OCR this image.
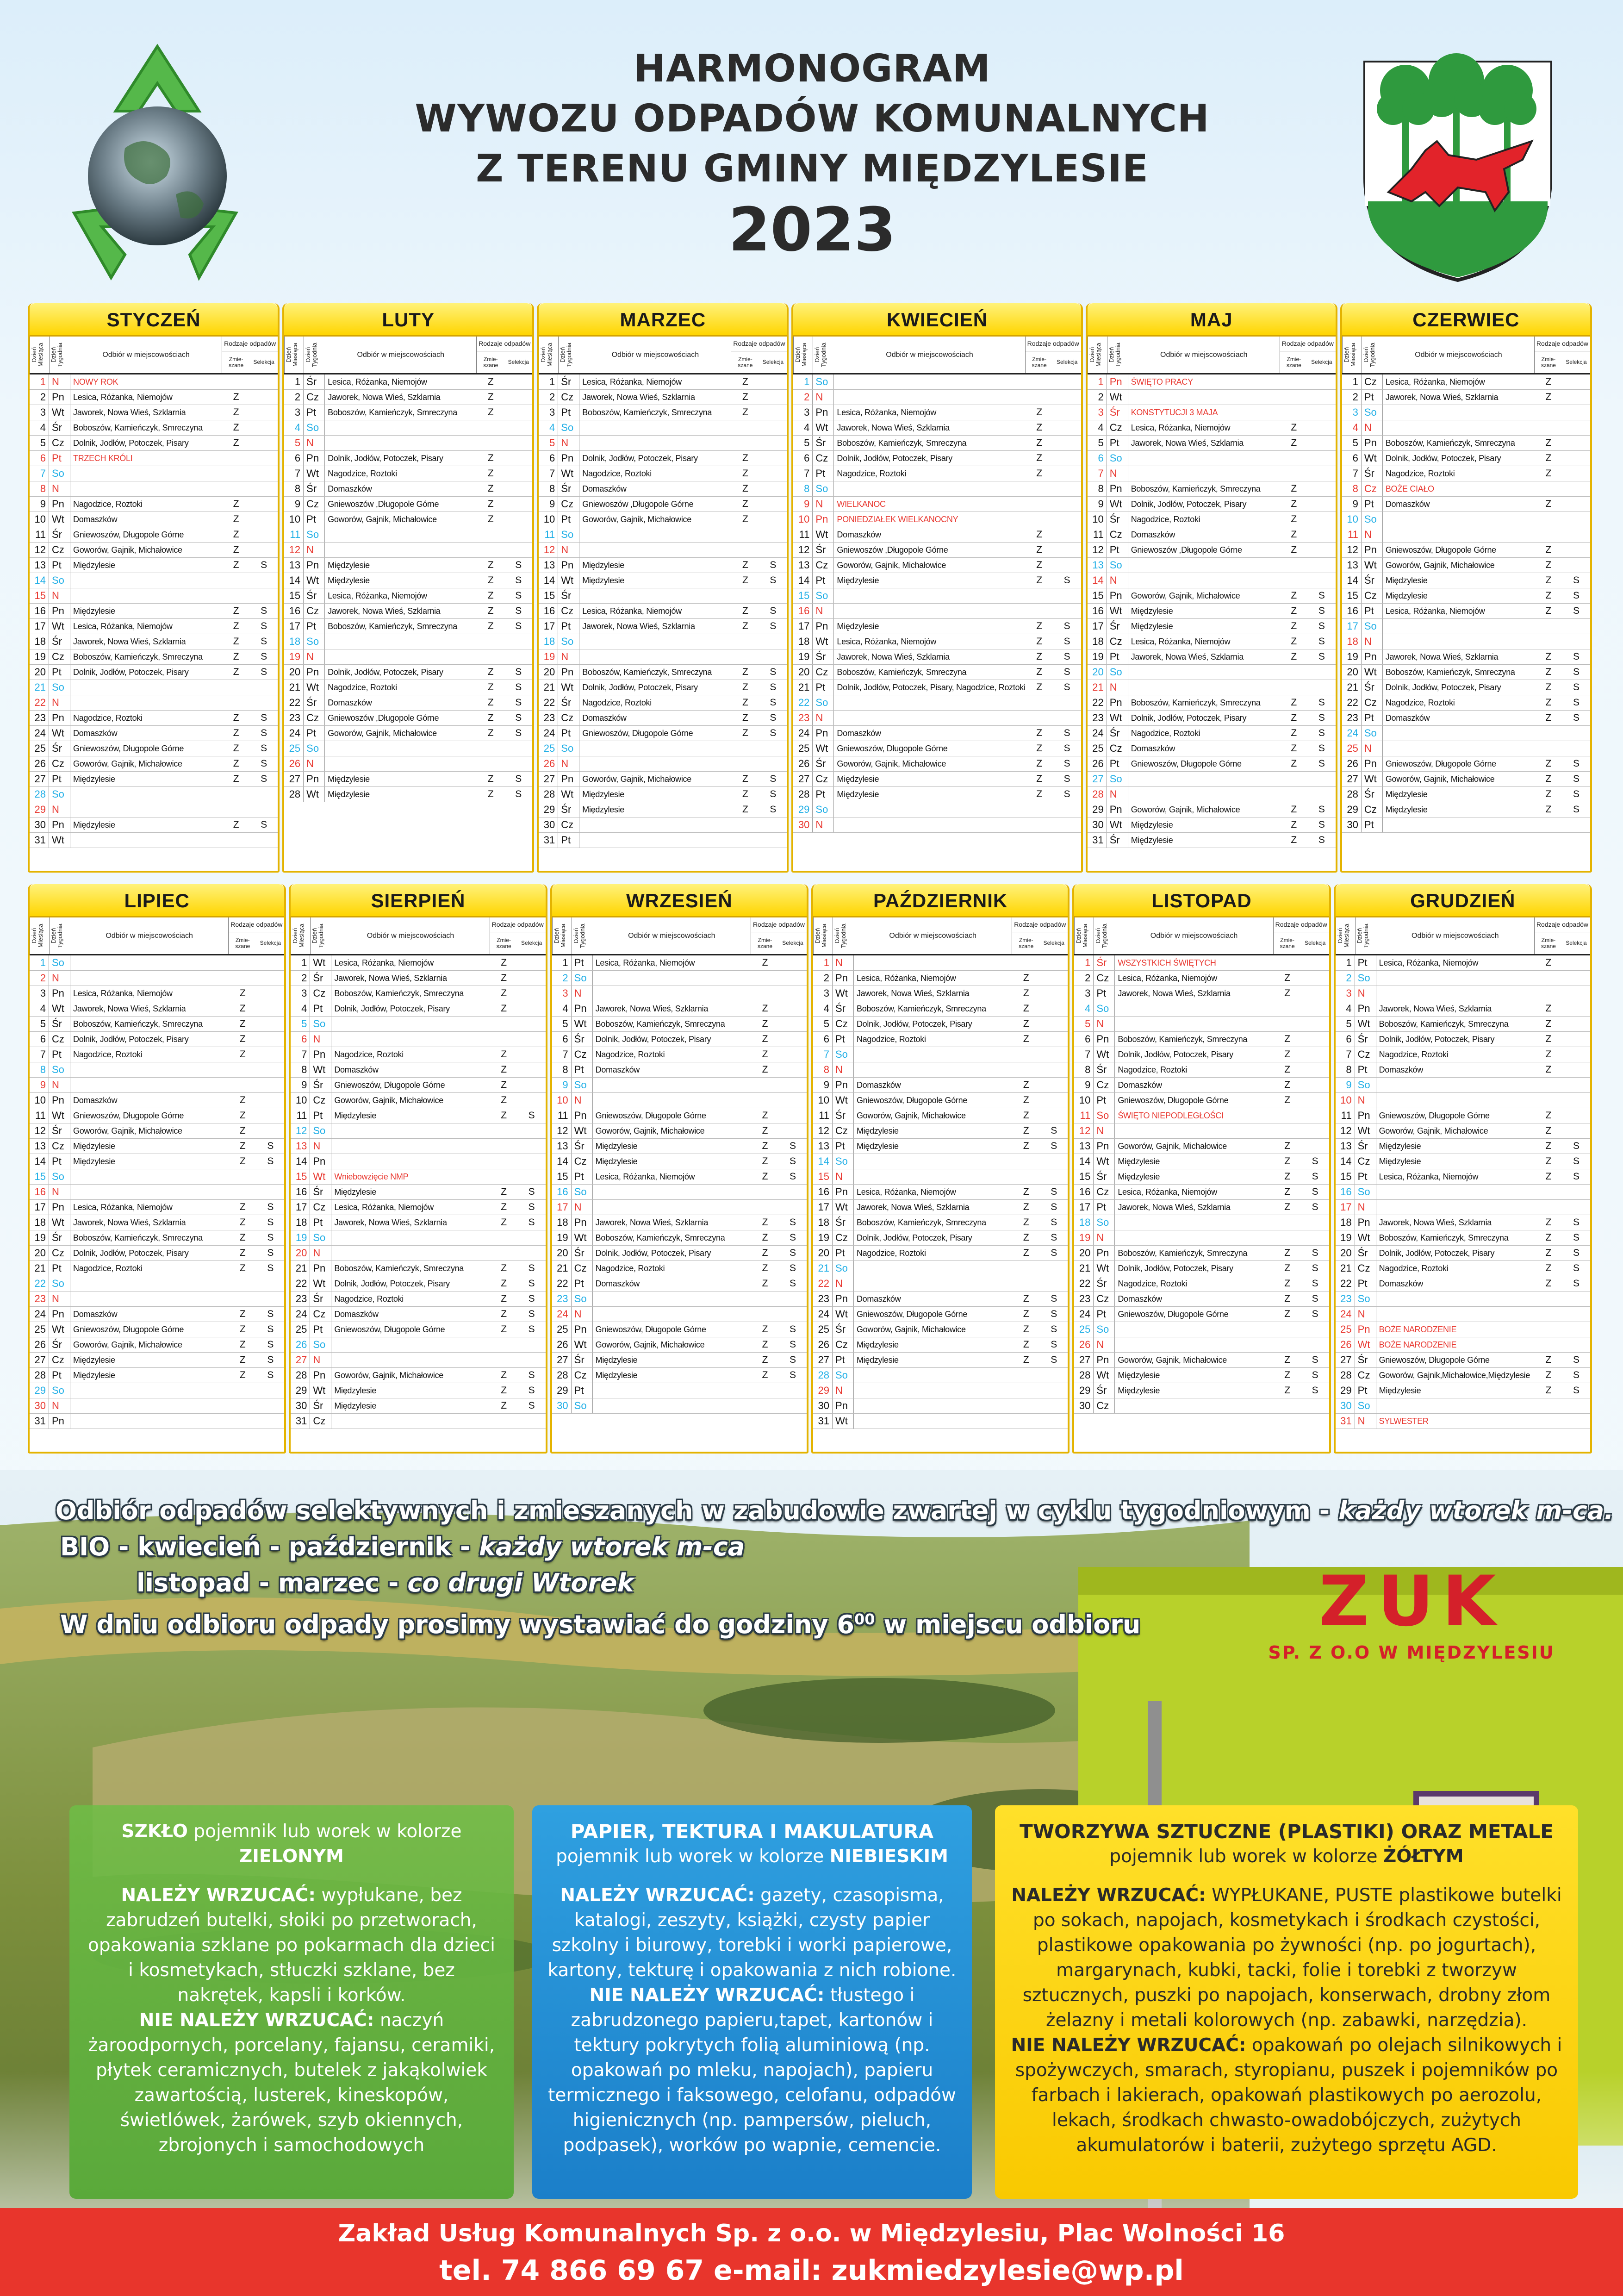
HARMONOGRAM
WYWOZU ODPADÓW KOMUNALNYCH
Z TERENU GMINY MIĘDZYLESIE
2023
STYCZEŃ
Dzień Miesiąca	Dzień Tygodnia	Odbiór w miejscowościach
Rodzaje odpadów
Zmie-szane	Selekcja
1 N	NOWY ROK
2 Pn	Lesica, Różanka, Niemojów	Z
3 Wt	Jaworek, Nowa Wieś, Szklarnia	Z
4 Śr	Boboszów, Kamieńczyk, Smreczyna	Z
5 Cz	Dolnik, Jodłów, Potoczek, Pisary	Z
6 Pt	TRZECH KRÓLI
7 So
8 N
9 Pn	Nagodzice, Roztoki	Z
10 Wt	Domaszków	Z
11 Śr	Gniewoszów, Długopole Górne	Z
12 Cz	Goworów, Gajnik, Michałowice	Z
13 Pt	Międzylesie	Z	S
14 So
15 N
16 Pn	Międzylesie	Z	S
17 Wt	Lesica, Różanka, Niemojów	Z	S
18 Śr	Jaworek, Nowa Wieś, Szklarnia	Z	S
19 Cz	Boboszów, Kamieńczyk, Smreczyna	Z	S
20 Pt	Dolnik, Jodłów, Potoczek, Pisary	Z	S
21 So
22 N
23 Pn	Nagodzice, Roztoki	Z	S
24 Wt	Domaszków	Z	S
25 Śr	Gniewoszów, Długopole Górne	Z	S
26 Cz	Goworów, Gajnik, Michałowice	Z	S
27 Pt	Międzylesie	Z	S
28 So
29 N
30 Pn	Międzylesie	Z	S
31 Wt
LUTY
Dzień Miesiąca	Dzień Tygodnia	Odbiór w miejscowościach
Rodzaje odpadów
Zmie-szane	Selekcja
1 Śr	Lesica, Różanka, Niemojów	Z
2 Cz	Jaworek, Nowa Wieś, Szklarnia	Z
3 Pt	Boboszów, Kamieńczyk, Smreczyna	Z
4 So
5 N
6 Pn	Dolnik, Jodłów, Potoczek, Pisary	Z
7 Wt	Nagodzice, Roztoki	Z
8 Śr	Domaszków	Z
9 Cz	Gniewoszów ,Długopole Górne	Z
10 Pt	Goworów, Gajnik, Michałowice	Z
11 So
12 N
13 Pn	Międzylesie	Z	S
14 Wt	Międzylesie	Z	S
15 Śr	Lesica, Różanka, Niemojów	Z	S
16 Cz	Jaworek, Nowa Wieś, Szklarnia	Z	S
17 Pt	Boboszów, Kamieńczyk, Smreczyna	Z	S
18 So
19 N
20 Pn	Dolnik, Jodłów, Potoczek, Pisary	Z	S
21 Wt	Nagodzice, Roztoki	Z	S
22 Śr	Domaszków	Z	S
23 Cz	Gniewoszów ,Długopole Górne	Z	S
24 Pt	Goworów, Gajnik, Michałowice	Z	S
25 So
26 N
27 Pn	Międzylesie	Z	S
28 Wt	Międzylesie	Z	S
MARZEC
Dzień Miesiąca	Dzień Tygodnia	Odbiór w miejscowościach
Rodzaje odpadów
Zmie-szane	Selekcja
1 Śr	Lesica, Różanka, Niemojów	Z
2 Cz	Jaworek, Nowa Wieś, Szklarnia	Z
3 Pt	Boboszów, Kamieńczyk, Smreczyna	Z
4 So
5 N
6 Pn	Dolnik, Jodłów, Potoczek, Pisary	Z
7 Wt	Nagodzice, Roztoki	Z
8 Śr	Domaszków	Z
9 Cz	Gniewoszów ,Długopole Górne	Z
10 Pt	Goworów, Gajnik, Michałowice	Z
11 So
12 N
13 Pn	Międzylesie	Z	S
14 Wt	Międzylesie	Z	S
15 Śr
16 Cz	Lesica, Różanka, Niemojów	Z	S
17 Pt	Jaworek, Nowa Wieś, Szklarnia	Z	S
18 So
19 N
20 Pn	Boboszów, Kamieńczyk, Smreczyna	Z	S
21 Wt	Dolnik, Jodłów, Potoczek, Pisary	Z	S
22 Śr	Nagodzice, Roztoki	Z	S
23 Cz	Domaszków	Z	S
24 Pt	Gniewoszów, Długopole Górne	Z	S
25 So
26 N
27 Pn	Goworów, Gajnik, Michałowice	Z	S
28 Wt	Międzylesie	Z	S
29 Śr	Międzylesie	Z	S
30 Cz
31 Pt
KWIECIEŃ
Dzień Miesiąca	Dzień Tygodnia	Odbiór w miejscowościach
Rodzaje odpadów
Zmie-szane	Selekcja
1 So
2 N
3 Pn	Lesica, Różanka, Niemojów	Z
4 Wt	Jaworek, Nowa Wieś, Szklarnia	Z
5 Śr	Boboszów, Kamieńczyk, Smreczyna	Z
6 Cz	Dolnik, Jodłów, Potoczek, Pisary	Z
7 Pt	Nagodzice, Roztoki	Z
8 So
9 N	WIELKANOC
10 Pn	PONIEDZIAŁEK WIELKANOCNY
11 Wt	Domaszków	Z
12 Śr	Gniewoszów ,Długopole Górne	Z
13 Cz	Goworów, Gajnik, Michałowice	Z
14 Pt	Międzylesie	Z	S
15 So
16 N
17 Pn	Międzylesie	Z	S
18 Wt	Lesica, Różanka, Niemojów	Z	S
19 Śr	Jaworek, Nowa Wieś, Szklarnia	Z	S
20 Cz	Boboszów, Kamieńczyk, Smreczyna	Z	S
21 Pt	Dolnik, Jodłów, Potoczek, Pisary, Nagodzice, Roztoki	Z	S
22 So
23 N
24 Pn	Domaszków	Z	S
25 Wt	Gniewoszów, Długopole Górne	Z	S
26 Śr	Goworów, Gajnik, Michałowice	Z	S
27 Cz	Międzylesie	Z	S
28 Pt	Międzylesie	Z	S
29 So
30 N
MAJ
Dzień Miesiąca	Dzień Tygodnia	Odbiór w miejscowościach
Rodzaje odpadów
Zmie-szane	Selekcja
1 Pn	ŚWIĘTO PRACY
2 Wt
3 Śr	KONSTYTUCJI 3 MAJA
4 Cz	Lesica, Różanka, Niemojów	Z
5 Pt	Jaworek, Nowa Wieś, Szklarnia	Z
6 So
7 N
8 Pn	Boboszów, Kamieńczyk, Smreczyna	Z
9 Wt	Dolnik, Jodłów, Potoczek, Pisary	Z
10 Śr	Nagodzice, Roztoki	Z
11 Cz	Domaszków	Z
12 Pt	Gniewoszów ,Długopole Górne	Z
13 So
14 N
15 Pn	Goworów, Gajnik, Michałowice	Z	S
16 Wt	Międzylesie	Z	S
17 Śr	Międzylesie	Z	S
18 Cz	Lesica, Różanka, Niemojów	Z	S
19 Pt	Jaworek, Nowa Wieś, Szklarnia	Z	S
20 So
21 N
22 Pn	Boboszów, Kamieńczyk, Smreczyna	Z	S
23 Wt	Dolnik, Jodłów, Potoczek, Pisary	Z	S
24 Śr	Nagodzice, Roztoki	Z	S
25 Cz	Domaszków	Z	S
26 Pt	Gniewoszów, Długopole Górne	Z	S
27 So
28 N
29 Pn	Goworów, Gajnik, Michałowice	Z	S
30 Wt	Międzylesie	Z	S
31 Śr	Międzylesie	Z	S
CZERWIEC
Dzień Miesiąca	Dzień Tygodnia	Odbiór w miejscowościach
Rodzaje odpadów
Zmie-szane	Selekcja
1 Cz	Lesica, Różanka, Niemojów	Z
2 Pt	Jaworek, Nowa Wieś, Szklarnia	Z
3 So
4 N
5 Pn	Boboszów, Kamieńczyk, Smreczyna	Z
6 Wt	Dolnik, Jodłów, Potoczek, Pisary	Z
7 Śr	Nagodzice, Roztoki	Z
8 Cz	BOŻE CIAŁO
9 Pt	Domaszków	Z
10 So
11 N
12 Pn	Gniewoszów, Długopole Górne	Z
13 Wt	Goworów, Gajnik, Michałowice	Z
14 Śr	Międzylesie	Z	S
15 Cz	Międzylesie	Z	S
16 Pt	Lesica, Różanka, Niemojów	Z	S
17 So
18 N
19 Pn	Jaworek, Nowa Wieś, Szklarnia	Z	S
20 Wt	Boboszów, Kamieńczyk, Smreczyna	Z	S
21 Śr	Dolnik, Jodłów, Potoczek, Pisary	Z	S
22 Cz	Nagodzice, Roztoki	Z	S
23 Pt	Domaszków	Z	S
24 So
25 N
26 Pn	Gniewoszów, Długopole Górne	Z	S
27 Wt	Goworów, Gajnik, Michałowice	Z	S
28 Śr	Międzylesie	Z	S
29 Cz	Międzylesie	Z	S
30 Pt
LIPIEC
Dzień Miesiąca	Dzień Tygodnia	Odbiór w miejscowościach
Rodzaje odpadów
Zmie-szane	Selekcja
1 So
2 N
3 Pn	Lesica, Różanka, Niemojów	Z
4 Wt	Jaworek, Nowa Wieś, Szklarnia	Z
5 Śr	Boboszów, Kamieńczyk, Smreczyna	Z
6 Cz	Dolnik, Jodłów, Potoczek, Pisary	Z
7 Pt	Nagodzice, Roztoki	Z
8 So
9 N
10 Pn	Domaszków	Z
11 Wt	Gniewoszów, Długopole Górne	Z
12 Śr	Goworów, Gajnik, Michałowice	Z
13 Cz	Międzylesie	Z	S
14 Pt	Międzylesie	Z	S
15 So
16 N
17 Pn	Lesica, Różanka, Niemojów	Z	S
18 Wt	Jaworek, Nowa Wieś, Szklarnia	Z	S
19 Śr	Boboszów, Kamieńczyk, Smreczyna	Z	S
20 Cz	Dolnik, Jodłów, Potoczek, Pisary	Z	S
21 Pt	Nagodzice, Roztoki	Z	S
22 So
23 N
24 Pn	Domaszków	Z	S
25 Wt	Gniewoszów, Długopole Górne	Z	S
26 Śr	Goworów, Gajnik, Michałowice	Z	S
27 Cz	Międzylesie	Z	S
28 Pt	Międzylesie	Z	S
29 So
30 N
31 Pn
SIERPIEŃ
Dzień Miesiąca	Dzień Tygodnia	Odbiór w miejscowościach
Rodzaje odpadów
Zmie-szane	Selekcja
1 Wt	Lesica, Różanka, Niemojów	Z
2 Śr	Jaworek, Nowa Wieś, Szklarnia	Z
3 Cz	Boboszów, Kamieńczyk, Smreczyna	Z
4 Pt	Dolnik, Jodłów, Potoczek, Pisary	Z
5 So
6 N
7 Pn	Nagodzice, Roztoki	Z
8 Wt	Domaszków	Z
9 Śr	Gniewoszów, Długopole Górne	Z
10 Cz	Goworów, Gajnik, Michałowice	Z
11 Pt	Międzylesie	Z	S
12 So
13 N
14 Pn
15 Wt	Wniebowzięcie NMP
16 Śr	Międzylesie	Z	S
17 Cz	Lesica, Różanka, Niemojów	Z	S
18 Pt	Jaworek, Nowa Wieś, Szklarnia	Z	S
19 So
20 N
21 Pn	Boboszów, Kamieńczyk, Smreczyna	Z	S
22 Wt	Dolnik, Jodłów, Potoczek, Pisary	Z	S
23 Śr	Nagodzice, Roztoki	Z	S
24 Cz	Domaszków	Z	S
25 Pt	Gniewoszów, Długopole Górne	Z	S
26 So
27 N
28 Pn	Goworów, Gajnik, Michałowice	Z	S
29 Wt	Międzylesie	Z	S
30 Śr	Międzylesie	Z	S
31 Cz
WRZESIEŃ
Dzień Miesiąca	Dzień Tygodnia	Odbiór w miejscowościach
Rodzaje odpadów
Zmie-szane	Selekcja
1 Pt	Lesica, Różanka, Niemojów	Z
2 So
3 N
4 Pn	Jaworek, Nowa Wieś, Szklarnia	Z
5 Wt	Boboszów, Kamieńczyk, Smreczyna	Z
6 Śr	Dolnik, Jodłów, Potoczek, Pisary	Z
7 Cz	Nagodzice, Roztoki	Z
8 Pt	Domaszków	Z
9 So
10 N
11 Pn	Gniewoszów, Długopole Górne	Z
12 Wt	Goworów, Gajnik, Michałowice	Z
13 Śr	Międzylesie	Z	S
14 Cz	Międzylesie	Z	S
15 Pt	Lesica, Różanka, Niemojów	Z	S
16 So
17 N
18 Pn	Jaworek, Nowa Wieś, Szklarnia	Z	S
19 Wt	Boboszów, Kamieńczyk, Smreczyna	Z	S
20 Śr	Dolnik, Jodłów, Potoczek, Pisary	Z	S
21 Cz	Nagodzice, Roztoki	Z	S
22 Pt	Domaszków	Z	S
23 So
24 N
25 Pn	Gniewoszów, Długopole Górne	Z	S
26 Wt	Goworów, Gajnik, Michałowice	Z	S
27 Śr	Międzylesie	Z	S
28 Cz	Międzylesie	Z	S
29 Pt
30 So
PAŹDZIERNIK
Dzień Miesiąca	Dzień Tygodnia	Odbiór w miejscowościach
Rodzaje odpadów
Zmie-szane	Selekcja
1 N
2 Pn	Lesica, Różanka, Niemojów	Z
3 Wt	Jaworek, Nowa Wieś, Szklarnia	Z
4 Śr	Boboszów, Kamieńczyk, Smreczyna	Z
5 Cz	Dolnik, Jodłów, Potoczek, Pisary	Z
6 Pt	Nagodzice, Roztoki	Z
7 So
8 N
9 Pn	Domaszków	Z
10 Wt	Gniewoszów, Długopole Górne	Z
11 Śr	Goworów, Gajnik, Michałowice	Z
12 Cz	Międzylesie	Z	S
13 Pt	Międzylesie	Z	S
14 So
15 N
16 Pn	Lesica, Różanka, Niemojów	Z	S
17 Wt	Jaworek, Nowa Wieś, Szklarnia	Z	S
18 Śr	Boboszów, Kamieńczyk, Smreczyna	Z	S
19 Cz	Dolnik, Jodłów, Potoczek, Pisary	Z	S
20 Pt	Nagodzice, Roztoki	Z	S
21 So
22 N
23 Pn	Domaszków	Z	S
24 Wt	Gniewoszów, Długopole Górne	Z	S
25 Śr	Goworów, Gajnik, Michałowice	Z	S
26 Cz	Międzylesie	Z	S
27 Pt	Międzylesie	Z	S
28 So
29 N
30 Pn
31 Wt
LISTOPAD
Dzień Miesiąca	Dzień Tygodnia	Odbiór w miejscowościach
Rodzaje odpadów
Zmie-szane	Selekcja
1 Śr	WSZYSTKICH ŚWIĘTYCH
2 Cz	Lesica, Różanka, Niemojów	Z
3 Pt	Jaworek, Nowa Wieś, Szklarnia	Z
4 So
5 N
6 Pn	Boboszów, Kamieńczyk, Smreczyna	Z
7 Wt	Dolnik, Jodłów, Potoczek, Pisary	Z
8 Śr	Nagodzice, Roztoki	Z
9 Cz	Domaszków	Z
10 Pt	Gniewoszów, Długopole Górne	Z
11 So	ŚWIĘTO NIEPODLEGŁOŚCI
12 N
13 Pn	Goworów, Gajnik, Michałowice	Z
14 Wt	Międzylesie	Z	S
15 Śr	Międzylesie	Z	S
16 Cz	Lesica, Różanka, Niemojów	Z	S
17 Pt	Jaworek, Nowa Wieś, Szklarnia	Z	S
18 So
19 N
20 Pn	Boboszów, Kamieńczyk, Smreczyna	Z	S
21 Wt	Dolnik, Jodłów, Potoczek, Pisary	Z	S
22 Śr	Nagodzice, Roztoki	Z	S
23 Cz	Domaszków	Z	S
24 Pt	Gniewoszów, Długopole Górne	Z	S
25 So
26 N
27 Pn	Goworów, Gajnik, Michałowice	Z	S
28 Wt	Międzylesie	Z	S
29 Śr	Międzylesie	Z	S
30 Cz
GRUDZIEŃ
Dzień Miesiąca	Dzień Tygodnia	Odbiór w miejscowościach
Rodzaje odpadów
Zmie-szane	Selekcja
1 Pt	Lesica, Różanka, Niemojów	Z
2 So
3 N
4 Pn	Jaworek, Nowa Wieś, Szklarnia	Z
5 Wt	Boboszów, Kamieńczyk, Smreczyna	Z
6 Śr	Dolnik, Jodłów, Potoczek, Pisary	Z
7 Cz	Nagodzice, Roztoki	Z
8 Pt	Domaszków	Z
9 So
10 N
11 Pn	Gniewoszów, Długopole Górne	Z
12 Wt	Goworów, Gajnik, Michałowice	Z
13 Śr	Międzylesie	Z	S
14 Cz	Międzylesie	Z	S
15 Pt	Lesica, Różanka, Niemojów	Z	S
16 So
17 N
18 Pn	Jaworek, Nowa Wieś, Szklarnia	Z	S
19 Wt	Boboszów, Kamieńczyk, Smreczyna	Z	S
20 Śr	Dolnik, Jodłów, Potoczek, Pisary	Z	S
21 Cz	Nagodzice, Roztoki	Z	S
22 Pt	Domaszków	Z	S
23 So
24 N
25 Pn	BOŻE NARODZENIE
26 Wt	BOŻE NARODZENIE
27 Śr	Gniewoszów, Długopole Górne	Z	S
28 Cz	Goworów, Gajnik,Michałowice,Międzylesie	Z	S
29 Pt	Międzylesie	Z	S
30 So
31 N	SYLWESTER

Odbiór odpadów selektywnych i zmieszanych w zabudowie zwartej w cyklu tygodniowym - każdy wtorek m-ca.

BIO - kwiecień - październik - każdy wtorek m-ca

listopad - marzec - co drugi Wtorek

W dniu odbioru odpady prosimy wystawiać do godziny $6^{00}$ w miejscu odbioru	ZUK
SP. Z O.O W MIĘDZYLESIU
SZKŁO pojemnik lub worek w kolorze
ZIELONYM
NALEŻY WRZUCAĆ: wypłukane, bez zabrudzeń butelki, słoiki po przetworach, opakowania szklane po pokarmach dla dzieci i kosmetykach, stłuczki szklane, bez nakrętek, kapsli i korków.
NIE NALEŻY WRZUCAĆ: naczyń żaroodpornych, porcelany, fajansu, ceramiki, płytek ceramicznych, butelek z jakąkolwiek zawartością, lusterek, kineskopów, świetlówek, żarówek, szyb okiennych, zbrojonych i samochodowych
PAPIER, TEKTURA I MAKULATURA
pojemnik lub worek w kolorze NIEBIESKIM
NALEŻY WRZUCAĆ: gazety, czasopisma, katalogi, zeszyty, książki, czysty papier szkolny i biurowy, torebki i worki papierowe, kartony, tekturę i opakowania z nich robione.
NIE NALEŻY WRZUCAĆ: tłustego i zabrudzonego papieru,tapet, kartonów i tektury pokrytych folią aluminiową (np. opakowań po mleku, napojach), papieru termicznego i faksowego, celofanu, odpadów higienicznych (np. pampersów, pieluch, podpasek), worków po wapnie, cemencie.
TWORZYWA SZTUCZNE (PLASTIKI) ORAZ METALE
pojemnik lub worek w kolorze ŻÓŁTYM
NALEŻY WRZUCAĆ: WYPŁUKANE, PUSTE plastikowe butelki po sokach, napojach, kosmetykach i środkach czystości, plastikowe opakowania po żywności (np. po jogurtach), margarynach, kubki, tacki, folie i torebki z tworzyw sztucznych, puszki po napojach, konserwach, drobny złom żelazny i metali kolorowych (np. zabawki, narzędzia).
NIE NALEŻY WRZUCAĆ: opakowań po olejach silnikowych i spożywczych, smarach, styropianu, puszek i pojemników po farbach i lakierach, opakowań plastikowych po aerozolu, lekach, środkach chwasto-owadobójczych, zużytych akumulatorów i baterii, zużytego sprzętu AGD.
Zakład Usług Komunalnych Sp. z o.o. w Międzylesiu, Plac Wolności 16
tel. 74 866 69 67 e-mail: zukmiedzylesie@wp.pl
